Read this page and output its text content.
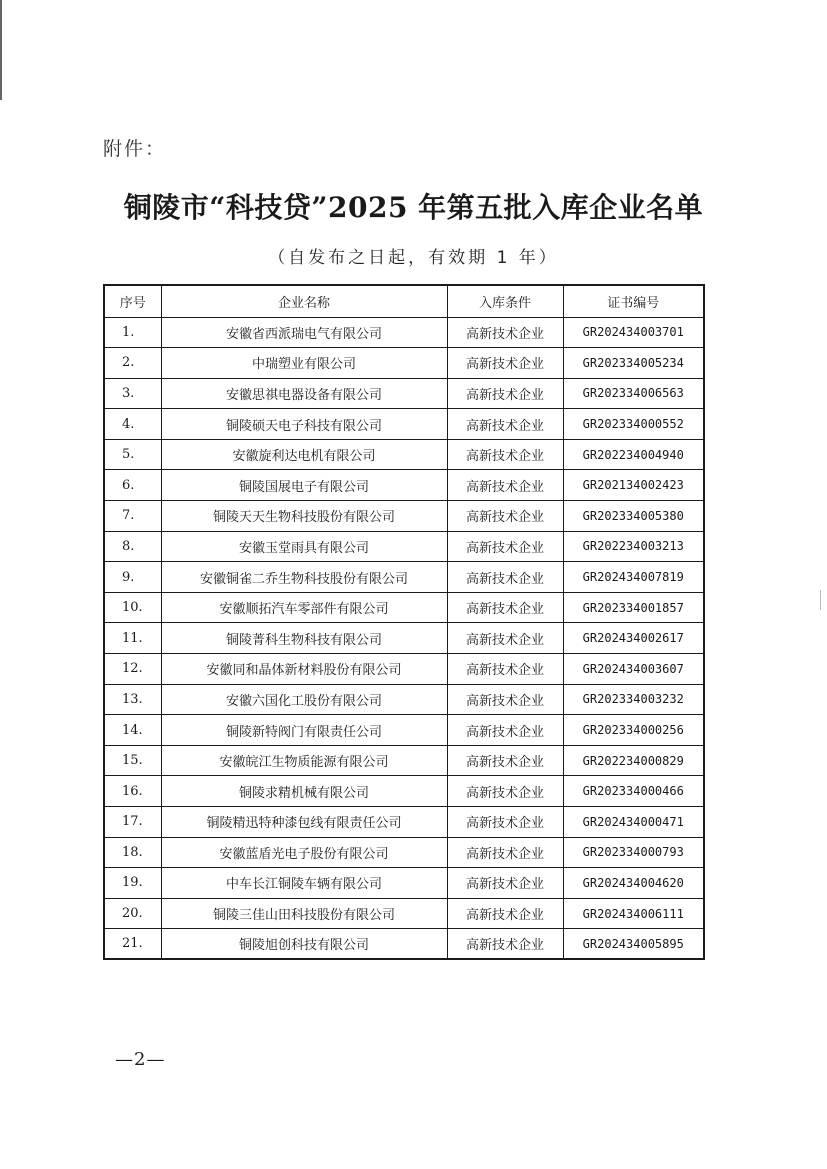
附件：
铜陵市“科技贷”2025 年第五批入库企业名单
（自发布之日起，有效期 1 年）
序号	企业名称	入库条件	证书编号
1.	安徽省西派瑞电气有限公司	高新技术企业	GR202434003701
2.	中瑞塑业有限公司	高新技术企业	GR202334005234
3.	安徽思祺电器设备有限公司	高新技术企业	GR202334006563
4.	铜陵硕天电子科技有限公司	高新技术企业	GR202334000552
5.	安徽旋利达电机有限公司	高新技术企业	GR202234004940
6.	铜陵国展电子有限公司	高新技术企业	GR202134002423
7.	铜陵天天生物科技股份有限公司	高新技术企业	GR202334005380
8.	安徽玉堂雨具有限公司	高新技术企业	GR202234003213
9.	安徽铜雀二乔生物科技股份有限公司	高新技术企业	GR202434007819
10.	安徽顺拓汽车零部件有限公司	高新技术企业	GR202334001857
11.	铜陵菁科生物科技有限公司	高新技术企业	GR202434002617
12.	安徽同和晶体新材料股份有限公司	高新技术企业	GR202434003607
13.	安徽六国化工股份有限公司	高新技术企业	GR202334003232
14.	铜陵新特阀门有限责任公司	高新技术企业	GR202334000256
15.	安徽皖江生物质能源有限公司	高新技术企业	GR202234000829
16.	铜陵求精机械有限公司	高新技术企业	GR202334000466
17.	铜陵精迅特种漆包线有限责任公司	高新技术企业	GR202434000471
18.	安徽蓝盾光电子股份有限公司	高新技术企业	GR202334000793
19.	中车长江铜陵车辆有限公司	高新技术企业	GR202434004620
20.	铜陵三佳山田科技股份有限公司	高新技术企业	GR202434006111
21.	铜陵旭创科技有限公司	高新技术企业	GR202434005895
—2—
